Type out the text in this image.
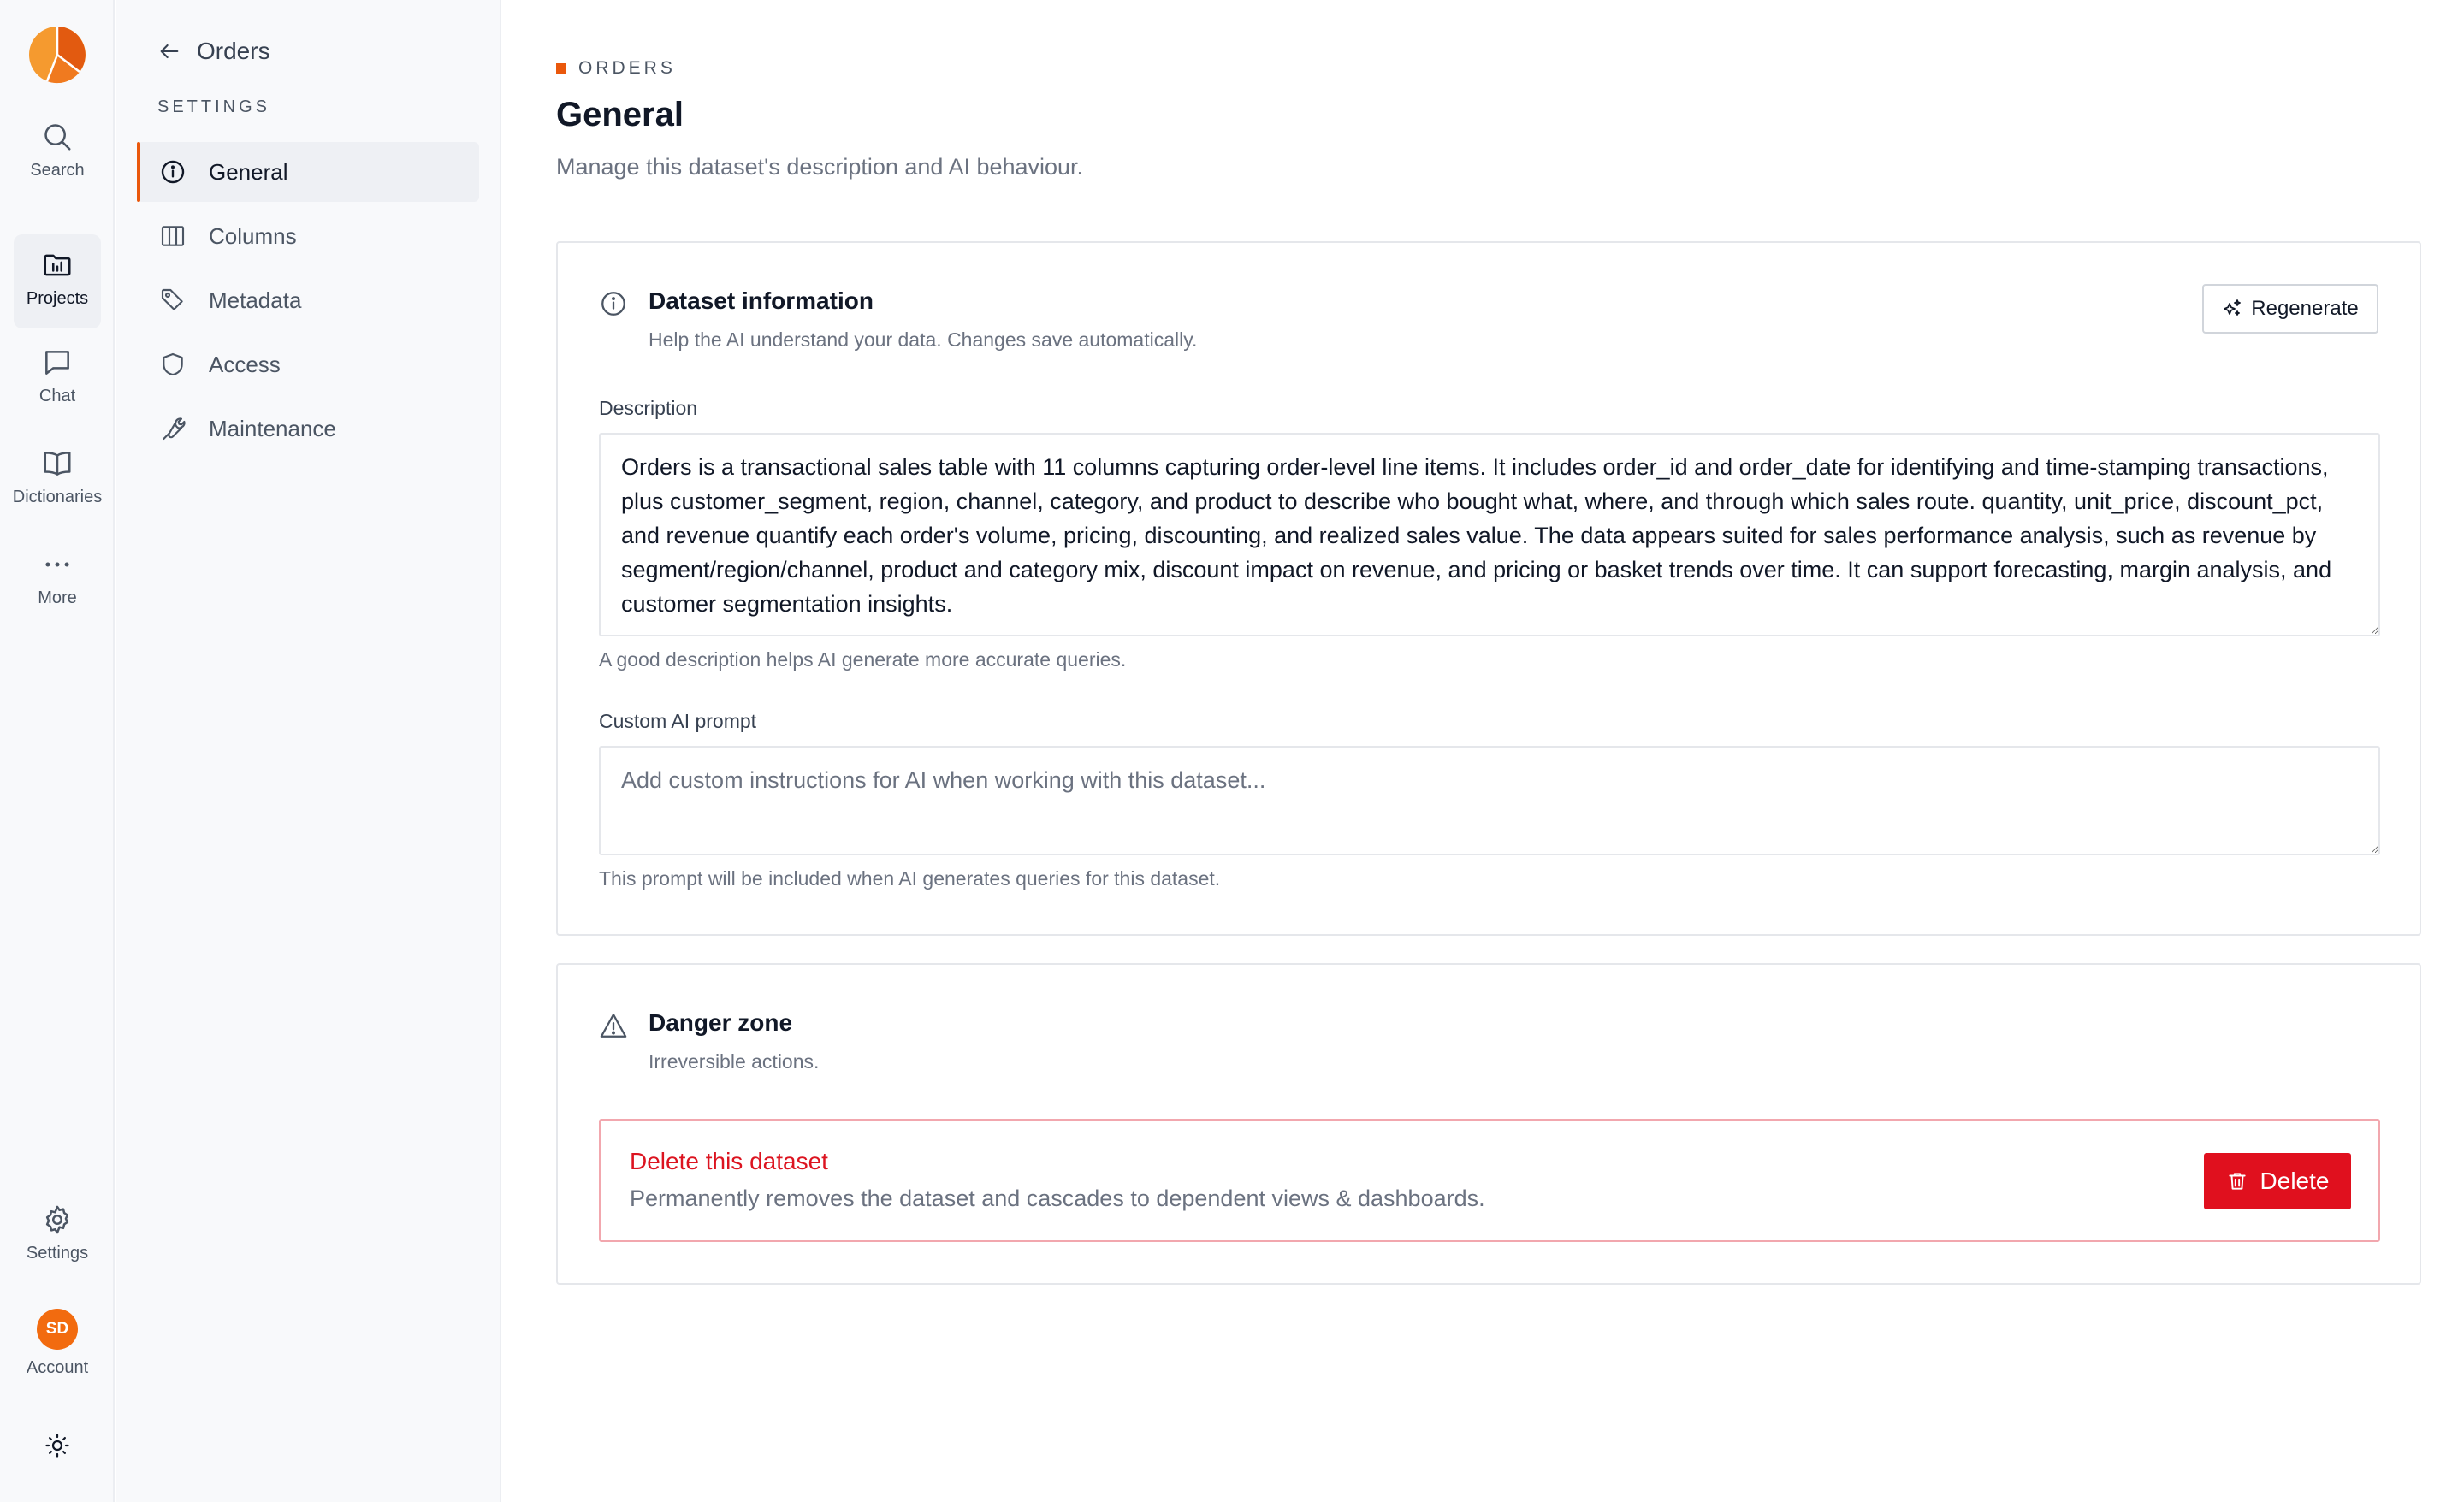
Search
Projects
Chat
Dictionaries
More
Settings
SD
Account
Orders
SETTINGS
General
Columns
Metadata
Access
Maintenance
ORDERS
General

Manage this dataset's description and AI behaviour.

Dataset information
Help the AI understand your data. Changes save automatically.
Regenerate
Description
Orders is a transactional sales table with 11 columns capturing order-level line items. It includes order_id and order_date for identifying and time-stamping transactions, plus customer_segment, region, channel, category, and product to describe who bought what, where, and through which sales route. quantity, unit_price, discount_pct, and revenue quantify each order's volume, pricing, discounting, and realized sales value. The data appears suited for sales performance analysis, such as revenue by segment/region/channel, product and category mix, discount impact on revenue, and pricing or basket trends over time. It can support forecasting, margin analysis, and customer segmentation insights.
A good description helps AI generate more accurate queries.
Custom AI prompt
Add custom instructions for AI when working with this dataset...
This prompt will be included when AI generates queries for this dataset.
Danger zone
Irreversible actions.
Delete this dataset
Permanently removes the dataset and cascades to dependent views & dashboards.
Delete
